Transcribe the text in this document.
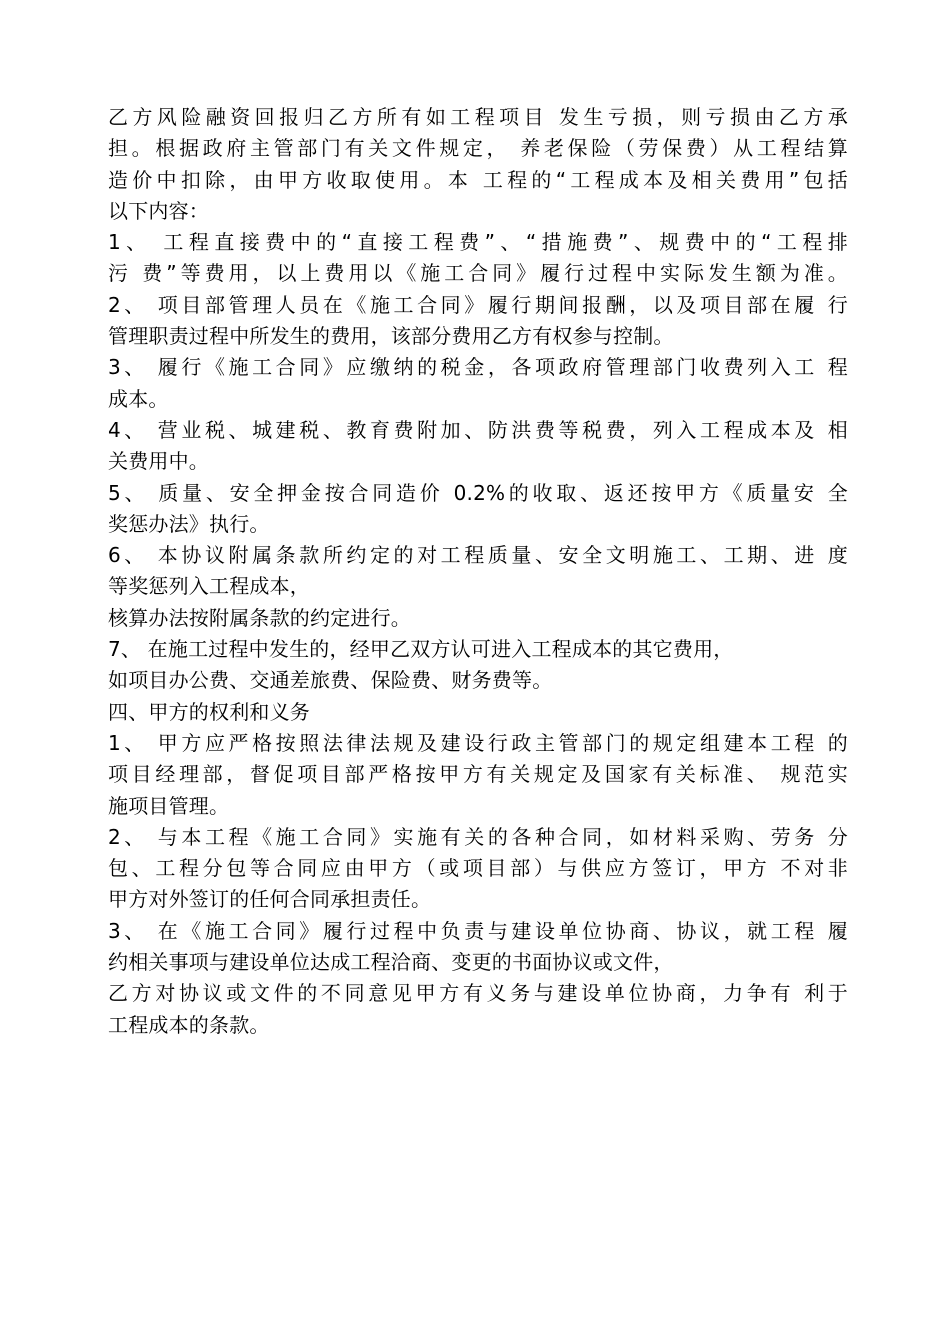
乙方风险融资回报归乙方所有如工程项目 发生亏损，则亏损由乙方承
担。根据政府主管部门有关文件规定， 养老保险（劳保费）从工程结算
造价中扣除，由甲方收取使用。本 工程的“工程成本及相关费用”包括
以下内容：
1、 工程直接费中的“直接工程费”、“措施费”、规费中的“工程排
污 费”等费用，以上费用以《施工合同》履行过程中实际发生额为准。
2、 项目部管理人员在《施工合同》履行期间报酬，以及项目部在履 行
管理职责过程中所发生的费用，该部分费用乙方有权参与控制。
3、 履行《施工合同》应缴纳的税金，各项政府管理部门收费列入工 程
成本。
4、 营业税、城建税、教育费附加、防洪费等税费，列入工程成本及 相
关费用中。
5、 质量、安全押金按合同造价 0.2%的收取、返还按甲方《质量安 全
奖惩办法》执行。
6、 本协议附属条款所约定的对工程质量、安全文明施工、工期、进 度
等奖惩列入工程成本，
核算办法按附属条款的约定进行。
7、 在施工过程中发生的，经甲乙双方认可进入工程成本的其它费用，
如项目办公费、交通差旅费、保险费、财务费等。
四、甲方的权利和义务
1、 甲方应严格按照法律法规及建设行政主管部门的规定组建本工程 的
项目经理部，督促项目部严格按甲方有关规定及国家有关标准、 规范实
施项目管理。
2、 与本工程《施工合同》实施有关的各种合同，如材料采购、劳务 分
包、工程分包等合同应由甲方（或项目部）与供应方签订，甲方 不对非
甲方对外签订的任何合同承担责任。
3、 在《施工合同》履行过程中负责与建设单位协商、协议，就工程 履
约相关事项与建设单位达成工程洽商、变更的书面协议或文件，
乙方对协议或文件的不同意见甲方有义务与建设单位协商，力争有 利于
工程成本的条款。
